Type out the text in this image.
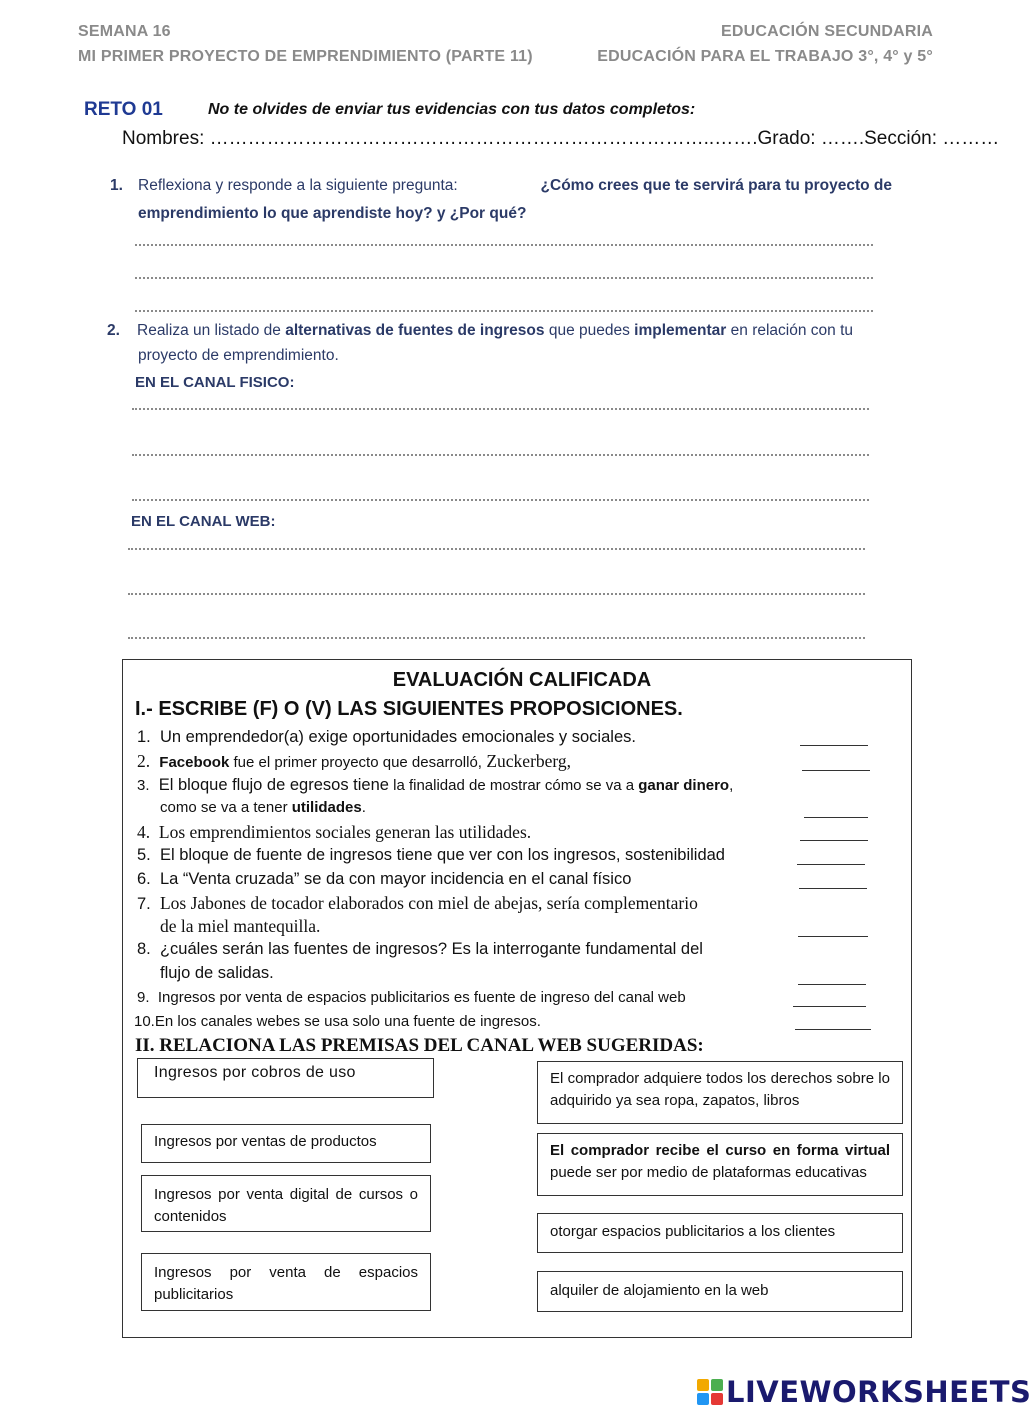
SEMANA 16
MI PRIMER PROYECTO DE EMPRENDIMIENTO (PARTE 11)
EDUCACIÓN SECUNDARIA
EDUCACIÓN PARA EL TRABAJO 3°, 4° y 5°
RETO 01	No te olvides de enviar tus evidencias con tus datos completos:
Nombres: ……………………………………………………………………..…….Grado: …….Sección: ………
1. Reflexiona y responde a la siguiente pregunta:	¿Cómo crees que te servirá para tu proyecto de
emprendimiento lo que aprendiste hoy? y ¿Por qué?
2. Realiza un listado de alternativas de fuentes de ingresos que puedes implementar en relación con tu
proyecto de emprendimiento.
EN EL CANAL FISICO:
EN EL CANAL WEB:
EVALUACIÓN CALIFICADA
I.- ESCRIBE (F) O (V) LAS SIGUIENTES PROPOSICIONES.
1. Un emprendedor(a) exige oportunidades emocionales y sociales.
2. Facebook fue el primer proyecto que desarrolló, Zuckerberg,
3. El bloque flujo de egresos tiene la finalidad de mostrar cómo se va a ganar dinero,
como se va a tener utilidades.
4. Los emprendimientos sociales generan las utilidades.
5. El bloque de fuente de ingresos tiene que ver con los ingresos, sostenibilidad
6. La “Venta cruzada” se da con mayor incidencia en el canal físico
7. Los Jabones de tocador elaborados con miel de abejas, sería complementario
de la miel mantequilla.
8. ¿cuáles serán las fuentes de ingresos? Es la interrogante fundamental del
flujo de salidas.
9. Ingresos por venta de espacios publicitarios es fuente de ingreso del canal web
10.En los canales webes se usa solo una fuente de ingresos.
II. RELACIONA LAS PREMISAS DEL CANAL WEB SUGERIDAS:
Ingresos por cobros de uso
Ingresos por ventas de productos
Ingresos por venta digital de cursos o contenidos
Ingresos por venta de espacios publicitarios
El comprador adquiere todos los derechos sobre lo adquirido ya sea ropa, zapatos, libros
El comprador recibe el curso en forma virtual puede ser por medio de plataformas educativas
otorgar espacios publicitarios a los clientes
alquiler de alojamiento en la web
LIVEWORKSHEETS
